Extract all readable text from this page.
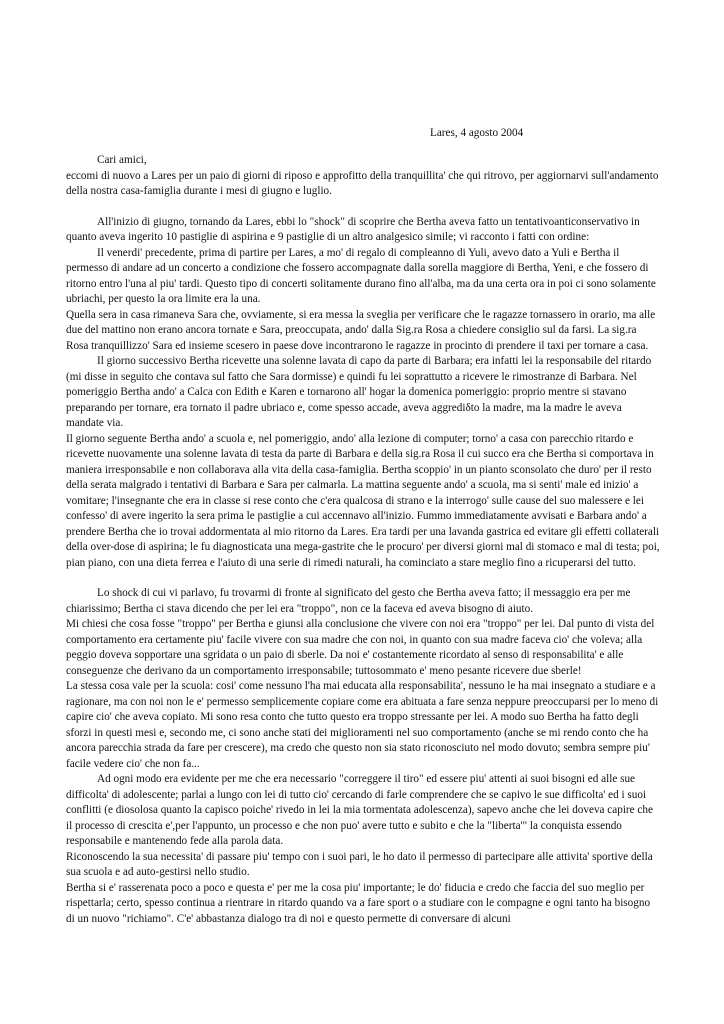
Lares, 4 agosto 2004

Cari amici,

eccomi di nuovo a Lares per un paio di giorni di riposo e approfitto della tranquillita' che qui ritrovo, per aggiornarvi sull'andamento della nostra casa-famiglia durante i mesi di giugno e luglio.

All'inizio di giugno, tornando da Lares, ebbi lo "shock" di scoprire che Bertha aveva fatto un tentativoanticonservativo in quanto aveva ingerito 10 pastiglie di aspirina e 9 pastiglie di un altro analgesico simile; vi racconto i fatti con ordine:

Il venerdi' precedente, prima di partire per Lares, a mo' di regalo di compleanno di Yuli, avevo dato a Yuli e Bertha il permesso di andare ad un concerto a condizione che fossero accompagnate dalla sorella maggiore di Bertha, Yeni, e che fossero di ritorno entro l'una al piu' tardi. Questo tipo di concerti solitamente durano fino all'alba, ma da una certa ora in poi ci sono solamente ubriachi, per questo la ora limite era la una.

Quella sera in casa rimaneva Sara che, ovviamente, si era messa la sveglia per verificare che le ragazze tornassero in orario, ma alle due del mattino non erano ancora tornate e Sara, preoccupata, ando' dalla Sig.ra Rosa a chiedere consiglio sul da farsi. La sig.ra Rosa tranquillizzo' Sara ed insieme scesero in paese dove incontrarono le ragazze in procinto di prendere il taxi per tornare a casa.

Il giorno successivo Bertha ricevette una solenne lavata di capo da parte di Barbara; era infatti lei la responsabile del ritardo (mi disse in seguito che contava sul fatto che Sara dormisse) e quindi fu lei soprattutto a ricevere le rimostranze di Barbara. Nel pomeriggio Bertha ando' a Calca con Edith e Karen e tornarono all' hogar la domenica pomeriggio: proprio mentre si stavano preparando per tornare, era tornato il padre ubriaco e, come spesso accade, aveva aggrediδto la madre, ma la madre le aveva mandate via.

Il giorno seguente Bertha ando' a scuola e, nel pomeriggio, ando' alla lezione di computer; torno' a casa con parecchio ritardo e ricevette nuovamente una solenne lavata di testa da parte di Barbara e della sig.ra Rosa il cui succo era che Bertha si comportava in maniera irresponsabile e non collaborava alla vita della casa-famiglia. Bertha scoppio' in un pianto sconsolato che duro' per il resto della serata malgrado i tentativi di Barbara e Sara per calmarla. La mattina seguente ando' a scuola, ma si senti' male ed inizio' a vomitare; l'insegnante che era in classe si rese conto che c'era qualcosa di strano e la interrogo' sulle cause del suo malessere e lei confesso' di avere ingerito la sera prima le pastiglie a cui accennavo all'inizio. Fummo immediatamente avvisati e Barbara ando' a prendere Bertha che io trovai addormentata al mio ritorno da Lares. Era tardi per una lavanda gastrica ed evitare gli effetti collaterali della over-dose di aspirina; le fu diagnosticata una mega-gastrite che le procuro' per diversi giorni mal di stomaco e mal di testa; poi, pian piano, con una dieta ferrea e l'aiuto di una serie di rimedi naturali, ha cominciato a stare meglio fino a ricuperarsi del tutto.

Lo shock di cui vi parlavo, fu trovarmi di fronte al significato del gesto che Bertha aveva fatto; il messaggio era per me chiarissimo; Bertha ci stava dicendo che per lei era "troppo", non ce la faceva ed aveva bisogno di aiuto.

Mi chiesi che cosa fosse "troppo" per Bertha e giunsi alla conclusione che vivere con noi era "troppo" per lei. Dal punto di vista del comportamento era certamente piu' facile vivere con sua madre che con noi, in quanto con sua madre faceva cio' che voleva; alla peggio doveva sopportare una sgridata o un paio di sberle. Da noi e' costantemente ricordato al senso di responsabilita' e alle conseguenze che derivano da un comportamento irresponsabile; tuttosommato e' meno pesante ricevere due sberle!

La stessa cosa vale per la scuola: cosi' come nessuno l'ha mai educata alla responsabilita', nessuno le ha mai insegnato a studiare e a ragionare, ma con noi non le e' permesso semplicemente copiare come era abituata a fare senza neppure preoccuparsi per lo meno di capire cio' che aveva copiato. Mi sono resa conto che tutto questo era troppo stressante per lei. A modo suo Bertha ha fatto degli sforzi in questi mesi e, secondo me, ci sono anche stati dei miglioramenti nel suo comportamento (anche se mi rendo conto che ha ancora parecchia strada da fare per crescere), ma credo che questo non sia stato riconosciuto nel modo dovuto; sembra sempre piu' facile vedere cio' che non fa...

Ad ogni modo era evidente per me che era necessario "correggere il tiro" ed essere piu' attenti ai suoi bisogni ed alle sue difficolta' di adolescente; parlai a lungo con lei di tutto cio' cercando di farle comprendere che se capivo le sue difficolta' ed i suoi conflitti (e diosolosa quanto la capisco poiche' rivedo in lei la mia tormentata adolescenza), sapevo anche che lei doveva capire che il processo di crescita e',per l'appunto, un processo e che non puo' avere tutto e subito e che la "liberta'" la conquista essendo responsabile e mantenendo fede alla parola data.

Riconoscendo la sua necessita' di passare piu' tempo con i suoi pari, le ho dato il permesso di partecipare alle attivita' sportive della sua scuola e ad auto-gestirsi nello studio.

Bertha si e' rasserenata poco a poco e questa e' per me la cosa piu' importante; le do' fiducia e credo che faccia del suo meglio per rispettarla; certo, spesso continua a rientrare in ritardo quando va a fare sport o a studiare con le compagne e ogni tanto ha bisogno di un nuovo "richiamo". C'e' abbastanza dialogo tra di noi e questo permette di conversare di alcuni
